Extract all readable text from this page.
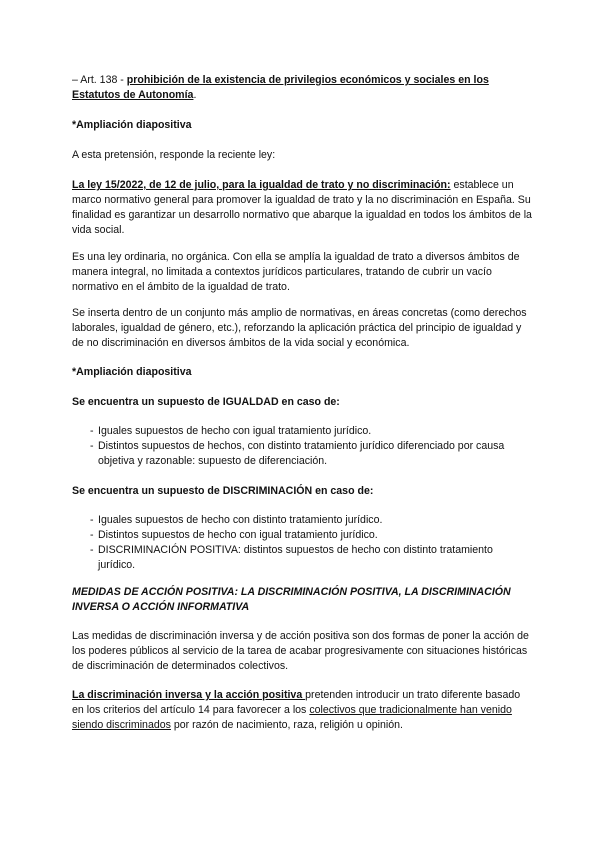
– Art. 138 - prohibición de la existencia de privilegios económicos y sociales en los Estatutos de Autonomía.

*Ampliación diapositiva

A esta pretensión, responde la reciente ley:

La ley 15/2022, de 12 de julio, para la igualdad de trato y no discriminación: establece un marco normativo general para promover la igualdad de trato y la no discriminación en España. Su finalidad es garantizar un desarrollo normativo que abarque la igualdad en todos los ámbitos de la vida social.

Es una ley ordinaria, no orgánica. Con ella se amplía la igualdad de trato a diversos ámbitos de manera integral, no limitada a contextos jurídicos particulares, tratando de cubrir un vacío normativo en el ámbito de la igualdad de trato.

Se inserta dentro de un conjunto más amplio de normativas, en áreas concretas (como derechos laborales, igualdad de género, etc.), reforzando la aplicación práctica del principio de igualdad y de no discriminación en diversos ámbitos de la vida social y económica.

*Ampliación diapositiva

Se encuentra un supuesto de IGUALDAD en caso de:

-
Iguales supuestos de hecho con igual tratamiento jurídico.
-
Distintos supuestos de hechos, con distinto tratamiento jurídico diferenciado por causa objetiva y razonable: supuesto de diferenciación.

Se encuentra un supuesto de DISCRIMINACIÓN en caso de:

-
Iguales supuestos de hecho con distinto tratamiento jurídico.
-
Distintos supuestos de hecho con igual tratamiento jurídico.
-
DISCRIMINACIÓN POSITIVA: distintos supuestos de hecho con distinto tratamiento jurídico.

MEDIDAS DE ACCIÓN POSITIVA: LA DISCRIMINACIÓN POSITIVA, LA DISCRIMINACIÓN INVERSA O ACCIÓN INFORMATIVA

Las medidas de discriminación inversa y de acción positiva son dos formas de poner la acción de los poderes públicos al servicio de la tarea de acabar progresivamente con situaciones históricas de discriminación de determinados colectivos.

La discriminación inversa y la acción positiva pretenden introducir un trato diferente basado en los criterios del artículo 14 para favorecer a los colectivos que tradicionalmente han venido siendo discriminados por razón de nacimiento, raza, religión u opinión.
